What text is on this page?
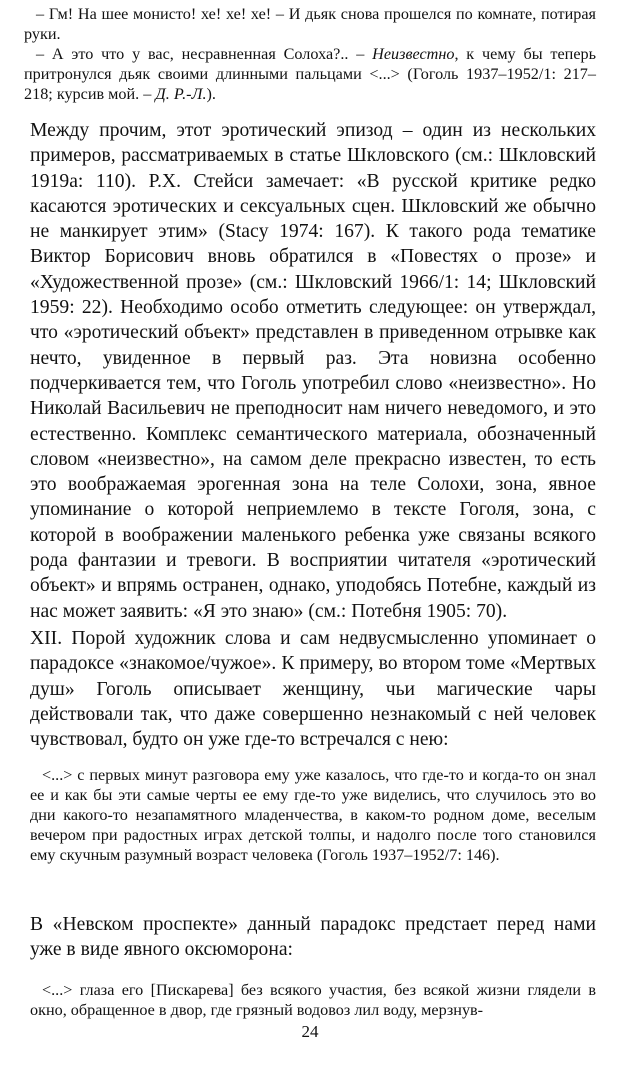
– Гм! На шее монисто! хе! хе! хе! – И дьяк снова прошелся по комнате, потирая руки.

– А это что у вас, несравненная Солоха?.. – Неизвестно, к чему бы теперь притронулся дьяк своими длинными пальцами <...> (Гоголь 1937–1952/1: 217–218; курсив мой. – Д. Р.-Л.).

Между прочим, этот эротический эпизод – один из нескольких примеров, рассматриваемых в статье Шкловского (см.: Шкловский 1919а: 110). Р.Х. Стейси замечает: «В русской критике редко касаются эротических и сексуальных сцен. Шкловский же обычно не манкирует этим» (Stacy 1974: 167). К такого рода тематике Виктор Борисович вновь обратился в «Повестях о прозе» и «Художественной прозе» (см.: Шкловский 1966/1: 14; Шкловский 1959: 22). Необходимо особо отметить следующее: он утверждал, что «эротический объект» представлен в приведенном отрывке как нечто, увиденное в первый раз. Эта новизна особенно подчеркивается тем, что Гоголь употребил слово «неизвестно». Но Николай Васильевич не преподносит нам ничего неведомого, и это естественно. Комплекс семантического материала, обозначенный словом «неизвестно», на самом деле прекрасно известен, то есть это воображаемая эрогенная зона на теле Солохи, зона, явное упоминание о которой неприемлемо в тексте Гоголя, зона, с которой в воображении маленького ребенка уже связаны всякого рода фантазии и тревоги. В восприятии читателя «эротический объект» и впрямь остранен, однако, уподобясь Потебне, каждый из нас может заявить: «Я это знаю» (см.: Потебня 1905: 70).

XII. Порой художник слова и сам недвусмысленно упоминает о парадоксе «знакомое/чужое». К примеру, во втором томе «Мертвых душ» Гоголь описывает женщину, чьи магические чары действовали так, что даже совершенно незнакомый с ней человек чувствовал, будто он уже где-то встречался с нею:

<...> с первых минут разговора ему уже казалось, что где-то и когда-то он знал ее и как бы эти самые черты ее ему где-то уже виделись, что случилось это во дни какого-то незапамятного младенчества, в каком-то родном доме, веселым вечером при радостных играх детской толпы, и надолго после того становился ему скучным разумный возраст человека (Гоголь 1937–1952/7: 146).

В «Невском проспекте» данный парадокс предстает перед нами уже в виде явного оксюморона:

<...> глаза его [Пискарева] без всякого участия, без всякой жизни глядели в окно, обращенное в двор, где грязный водовоз лил воду, мерзнув-

24
